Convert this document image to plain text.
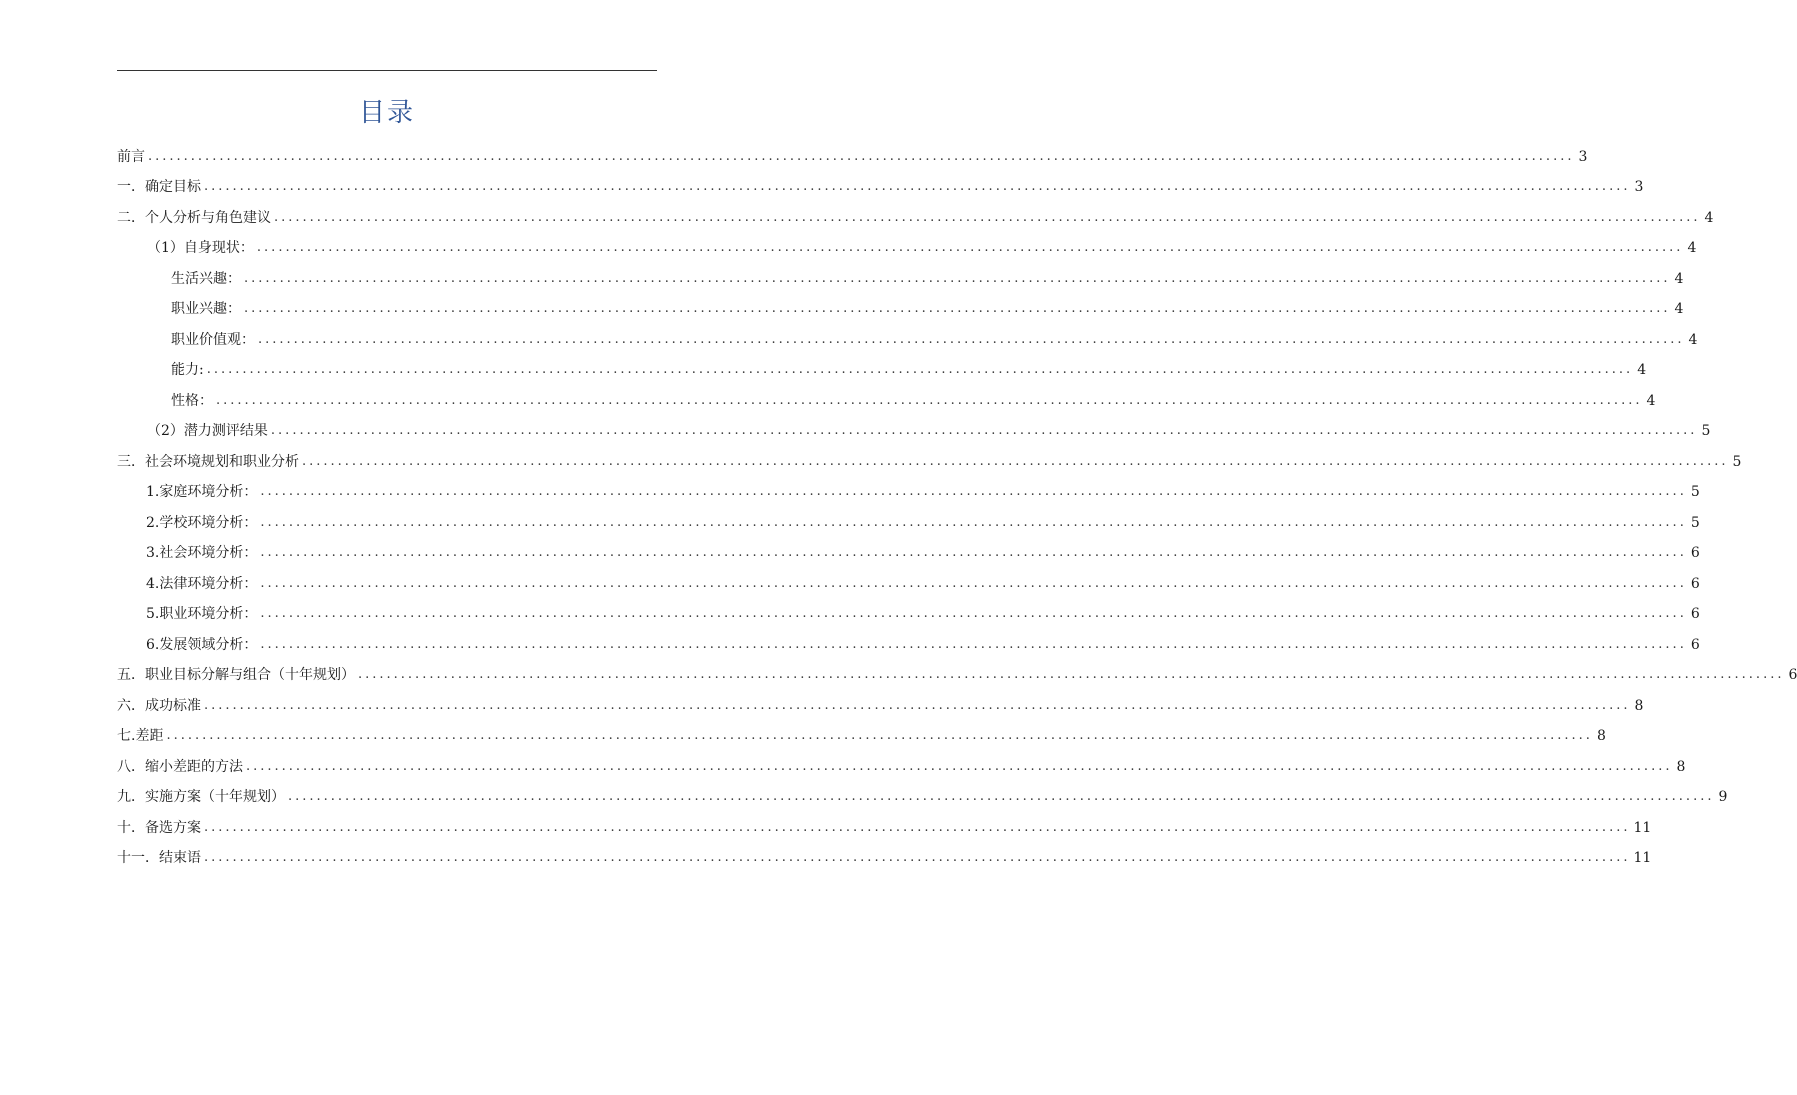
目录
前言 ........................................................................................................................................................................................................ 3
一．确定目标 ........................................................................................................................................................................................................ 3
二．个人分析与角色建议 ........................................................................................................................................................................................................ 4
（1）自身现状： ........................................................................................................................................................................................................ 4
生活兴趣： ........................................................................................................................................................................................................ 4
职业兴趣： ........................................................................................................................................................................................................ 4
职业价值观： ........................................................................................................................................................................................................ 4
能力: ........................................................................................................................................................................................................ 4
性格： ........................................................................................................................................................................................................ 4
（2）潜力测评结果 ........................................................................................................................................................................................................ 5
三．社会环境规划和职业分析 ........................................................................................................................................................................................................ 5
1.家庭环境分析： ........................................................................................................................................................................................................ 5
2.学校环境分析： ........................................................................................................................................................................................................ 5
3.社会环境分析： ........................................................................................................................................................................................................ 6
4.法律环境分析： ........................................................................................................................................................................................................ 6
5.职业环境分析： ........................................................................................................................................................................................................ 6
6.发展领域分析： ........................................................................................................................................................................................................ 6
五．职业目标分解与组合（十年规划） ........................................................................................................................................................................................................ 6
六．成功标准 ........................................................................................................................................................................................................ 8
七.差距 ........................................................................................................................................................................................................ 8
八．缩小差距的方法 ........................................................................................................................................................................................................ 8
九．实施方案（十年规划） ........................................................................................................................................................................................................ 9
十．备选方案 ........................................................................................................................................................................................................ 11
十一．结束语 ........................................................................................................................................................................................................ 11
